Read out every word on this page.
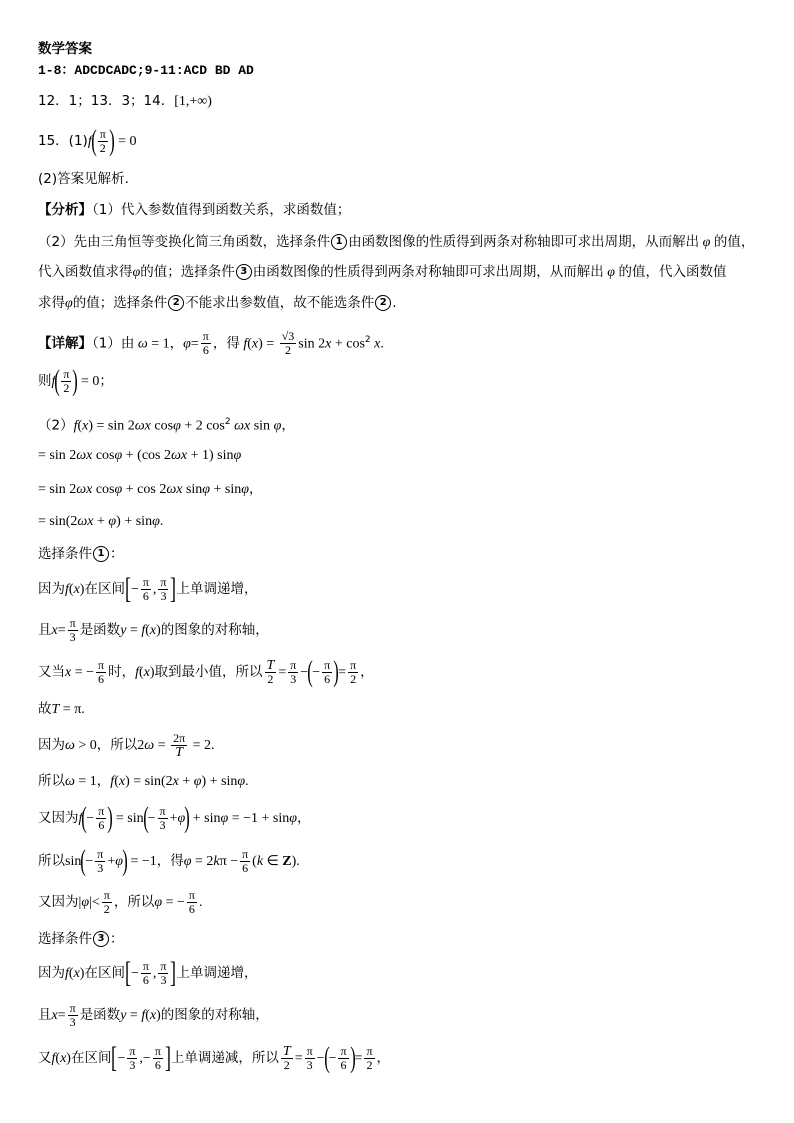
数学答案
1-8：ADCDCADC;9-11:ACD BD AD
12．1；13．3；14．[1,+∞)
15．$(1)f( \frac{\pi}{2}$ ) = 0
(2)答案见解析.
【分析】（1）代入参数值得到函数关系，求函数值；
（2）先由三角恒等变换化简三角函数，选择条件 1 由函数图像的性质得到两条对称轴即可求出周期，从而解出 φ 的值，
代入函数值求得φ的值；选择条件 3 由函数图像的性质得到两条对称轴即可求出周期，从而解出 φ 的值，代入函数值
求得φ的值；选择条件 2 不能求出参数值，故不能选条件 2 .
【详解】（1）由 ω = 1，$\varphi= \frac{\pi}{6}$ ，得 $f(x) = \frac{√3}{2}$ $\sin 2x + \cos^2 x$.
则$f( \frac{\pi}{2}$ ) = 0；
（2）f(x) = sin 2ωx cosφ + 2 $\cos^2 \omega x$ sin φ，
= sin 2ωx cosφ + (cos 2ωx + 1) sinφ
= sin 2ωx cosφ + cos 2ωx sinφ + sinφ，
= sin(2ωx + φ) + sinφ.
选择条件 1 ：
因为f(x)在区间[− $\frac{\pi}{6}$ , $\frac{\pi}{3}$ ]上单调递增，
且$x= \frac{\pi}{3}$ 是函数y = f(x)的图象的对称轴，
又当x = − $\frac{\pi}{6}$ 时，f(x)取到最小值，所以 $\frac{T}{2} = \frac{\pi}{3}$ −(− $\frac{\pi}{6}$ )= $\frac{\pi}{2}$ ，
故T = π.
因为ω > 0，所以$2\omega = \frac{2\pi}{T} = 2$.
所以ω = 1，f(x) = sin(2x + φ) + sinφ.
又因为$f(- \frac{\pi}{6}$ ) = $\sin(- \frac{\pi}{3} +\varphi) + \sin\varphi = -1 + \sin\varphi$，
所以$\sin(- \frac{\pi}{3} +\varphi) = -1$，得$\varphi = 2k\pi - \frac{\pi}{6} (k$ ∈ Z).
又因为$|\varphi|< \frac{\pi}{2}$ ，所以φ = − $\frac{\pi}{6}$ .
选择条件 3 ：
因为f(x)在区间[− $\frac{\pi}{6}$ , $\frac{\pi}{3}$ ]上单调递增，
且$x= \frac{\pi}{3}$ 是函数y = f(x)的图象的对称轴，
又f(x)在区间[− $\frac{\pi}{3}$ ,− $\frac{\pi}{6}$ ]上单调递减，所以 $\frac{T}{2} = \frac{\pi}{3}$ −(− $\frac{\pi}{6}$ )= $\frac{\pi}{2}$ ，
